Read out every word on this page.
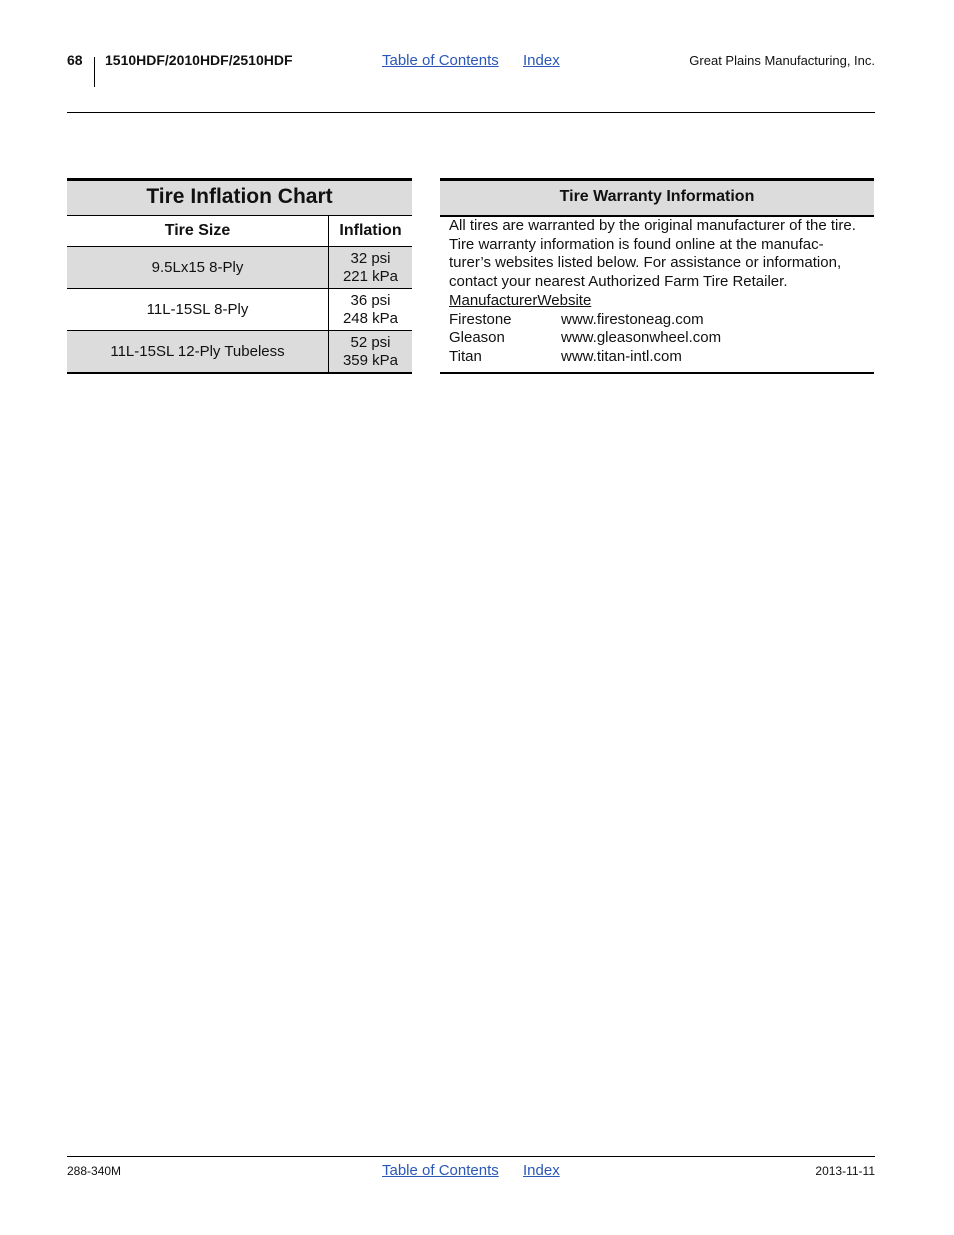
68 1510HDF/2010HDF/2510HDF	Table of Contents Index	Great Plains Manufacturing, Inc.
Tire Inflation Chart
Tire Size	Inflation
9.5Lx15 8-Ply	32 psi
221 kPa

11L-15SL 8-Ply	36 psi
248 kPa

11L-15SL 12-Ply Tubeless	52 psi
359 kPa
Tire Warranty Information

All tires are warranted by the original manufacturer of the tire.

Tire warranty information is found online at the manufac-

turer’s websites listed below. For assistance or information,

contact your nearest Authorized Farm Tire Retailer.

ManufacturerWebsite

Firestone	www.firestoneag.com
Gleason	www.gleasonwheel.com
Titan	www.titan-intl.com
288-340M	Table of Contents Index	2013-11-11
